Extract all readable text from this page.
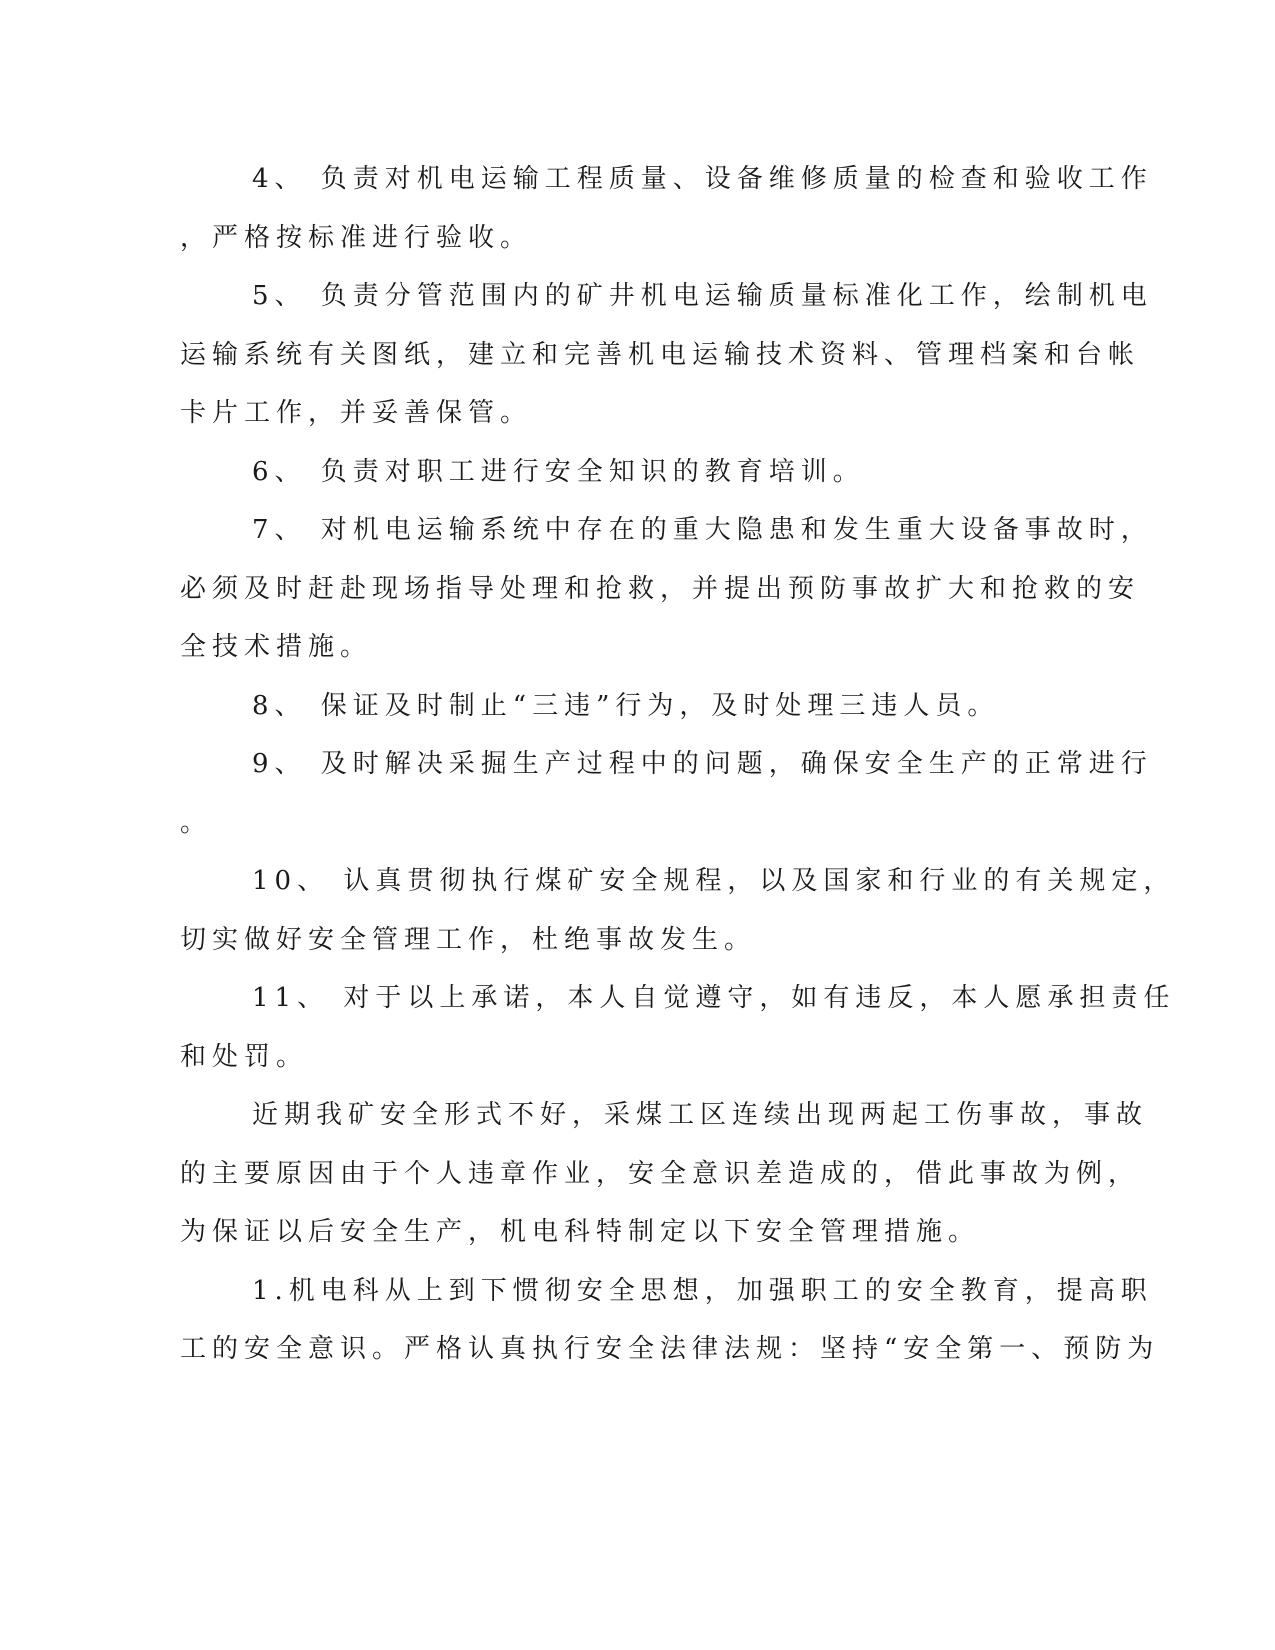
4、 负责对机电运输工程质量、设备维修质量的检查和验收工作
，严格按标准进行验收。
5、 负责分管范围内的矿井机电运输质量标准化工作，绘制机电
运输系统有关图纸，建立和完善机电运输技术资料、管理档案和台帐
卡片工作，并妥善保管。
6、 负责对职工进行安全知识的教育培训。
7、 对机电运输系统中存在的重大隐患和发生重大设备事故时，
必须及时赶赴现场指导处理和抢救，并提出预防事故扩大和抢救的安
全技术措施。
8、 保证及时制止“三违”行为，及时处理三违人员。
9、 及时解决采掘生产过程中的问题，确保安全生产的正常进行
。
10、 认真贯彻执行煤矿安全规程，以及国家和行业的有关规定，
切实做好安全管理工作，杜绝事故发生。
11、 对于以上承诺，本人自觉遵守，如有违反，本人愿承担责任
和处罚。
近期我矿安全形式不好，采煤工区连续出现两起工伤事故，事故
的主要原因由于个人违章作业，安全意识差造成的，借此事故为例，
为保证以后安全生产，机电科特制定以下安全管理措施。
1.机电科从上到下惯彻安全思想，加强职工的安全教育，提高职
工的安全意识。严格认真执行安全法律法规：坚持“安全第一、预防为
